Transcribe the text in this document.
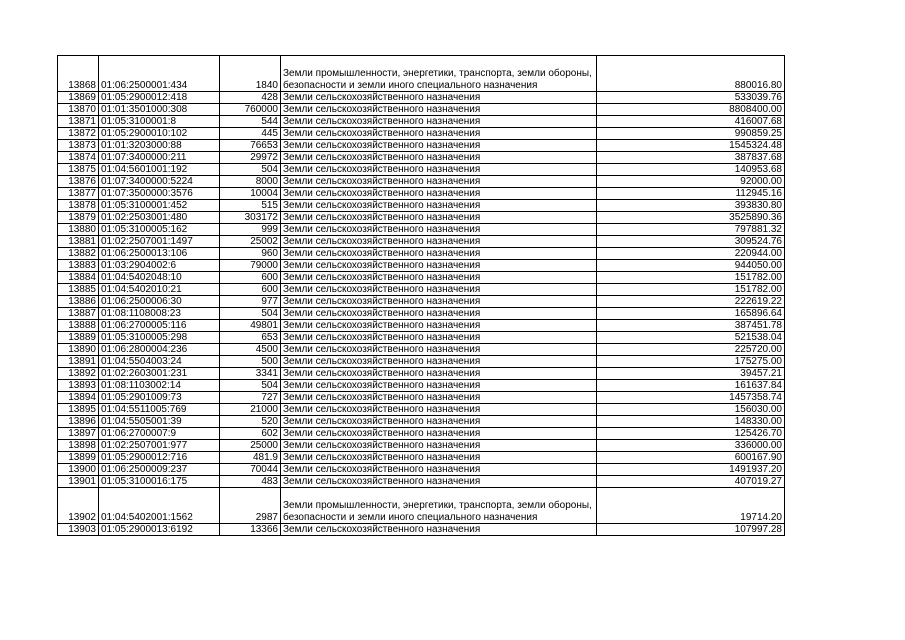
13868	01:06:2500001:434	1840	Земли промышленности, энергетики, транспорта, земли обороны, безопасности и земли иного специального назначения	880016.80
13869	01:05:2900012:418	428	Земли сельскохозяйственного назначения	533039.76
13870	01:01:3501000:308	760000	Земли сельскохозяйственного назначения	8808400.00
13871	01:05:3100001:8	544	Земли сельскохозяйственного назначения	416007.68
13872	01:05:2900010:102	445	Земли сельскохозяйственного назначения	990859.25
13873	01:01:3203000:88	76653	Земли сельскохозяйственного назначения	1545324.48
13874	01:07:3400000:211	29972	Земли сельскохозяйственного назначения	387837.68
13875	01:04:5601001:192	504	Земли сельскохозяйственного назначения	140953.68
13876	01:07:3400000:5224	8000	Земли сельскохозяйственного назначения	92000.00
13877	01:07:3500000:3576	10004	Земли сельскохозяйственного назначения	112945.16
13878	01:05:3100001:452	515	Земли сельскохозяйственного назначения	393830.80
13879	01:02:2503001:480	303172	Земли сельскохозяйственного назначения	3525890.36
13880	01:05:3100005:162	999	Земли сельскохозяйственного назначения	797881.32
13881	01:02:2507001:1497	25002	Земли сельскохозяйственного назначения	309524.76
13882	01:06:2500013:106	960	Земли сельскохозяйственного назначения	220944.00
13883	01:03:2904002:6	79000	Земли сельскохозяйственного назначения	944050.00
13884	01:04:5402048:10	600	Земли сельскохозяйственного назначения	151782.00
13885	01:04:5402010:21	600	Земли сельскохозяйственного назначения	151782.00
13886	01:06:2500006:30	977	Земли сельскохозяйственного назначения	222619.22
13887	01:08:1108008:23	504	Земли сельскохозяйственного назначения	165896.64
13888	01:06:2700005:116	49801	Земли сельскохозяйственного назначения	387451.78
13889	01:05:3100005:298	653	Земли сельскохозяйственного назначения	521538.04
13890	01:06:2800004:236	4500	Земли сельскохозяйственного назначения	225720.00
13891	01:04:5504003:24	500	Земли сельскохозяйственного назначения	175275.00
13892	01:02:2603001:231	3341	Земли сельскохозяйственного назначения	39457.21
13893	01:08:1103002:14	504	Земли сельскохозяйственного назначения	161637.84
13894	01:05:2901009:73	727	Земли сельскохозяйственного назначения	1457358.74
13895	01:04:5511005:769	21000	Земли сельскохозяйственного назначения	156030.00
13896	01:04:5505001:39	520	Земли сельскохозяйственного назначения	148330.00
13897	01:06:2700007:9	602	Земли сельскохозяйственного назначения	125426.70
13898	01:02:2507001:977	25000	Земли сельскохозяйственного назначения	336000.00
13899	01:05:2900012:716	481.9	Земли сельскохозяйственного назначения	600167.90
13900	01:06:2500009:237	70044	Земли сельскохозяйственного назначения	1491937.20
13901	01:05:3100016:175	483	Земли сельскохозяйственного назначения	407019.27
13902	01:04:5402001:1562	2987	Земли промышленности, энергетики, транспорта, земли обороны, безопасности и земли иного специального назначения	19714.20
13903	01:05:2900013:6192	13366	Земли сельскохозяйственного назначения	107997.28
